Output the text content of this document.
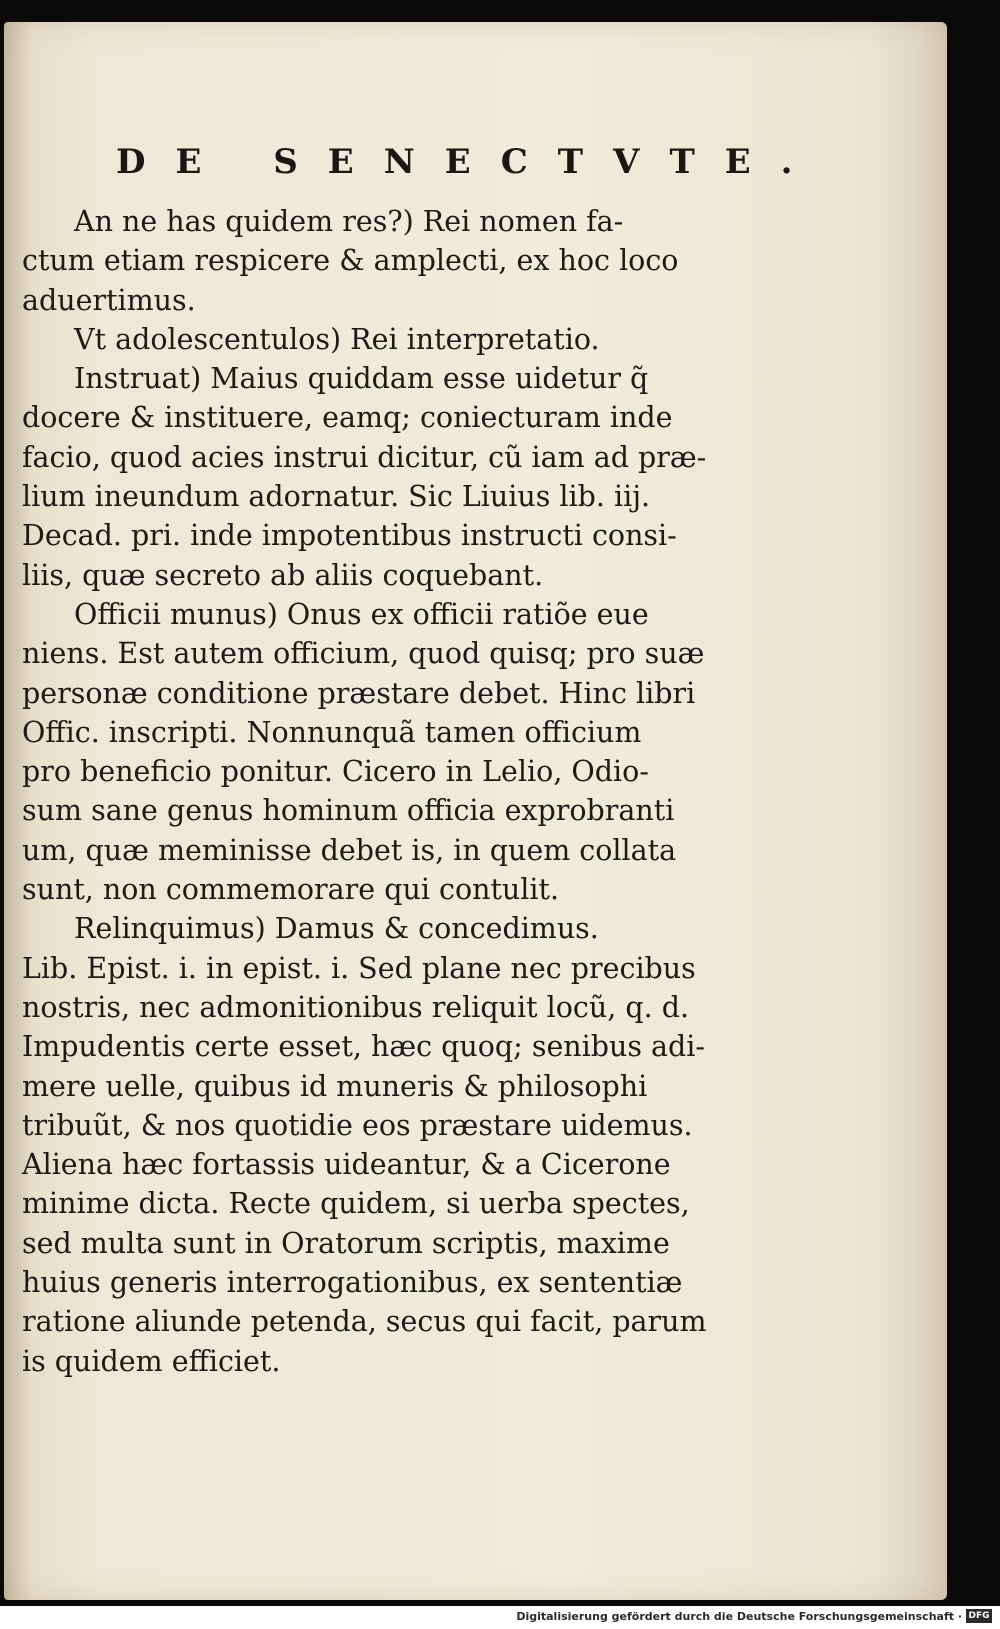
DE SENECTVTE.
An ne has quidem res?) Rei nomen fa-
ctum etiam respicere & amplecti, ex hoc loco
aduertimus.
Vt adolescentulos) Rei interpretatio.
Instruat) Maius quiddam esse uidetur q̃
docere & instituere, eamq; coniecturam inde
facio, quod acies instrui dicitur, cũ iam ad præ-
lium ineundum adornatur. Sic Liuius lib. iij.
Decad. pri. inde impotentibus instructi consi-
liis, quæ secreto ab aliis coquebant.
Officii munus) Onus ex officii ratiõe eue
niens. Est autem officium, quod quisq; pro suæ
personæ conditione præstare debet. Hinc libri
Offic. inscripti. Nonnunquã tamen officium
pro beneficio ponitur. Cicero in Lelio, Odio-
sum sane genus hominum officia exprobranti
um, quæ meminisse debet is, in quem collata
sunt, non commemorare qui contulit.
Relinquimus) Damus & concedimus.
Lib. Epist. i. in epist. i. Sed plane nec precibus
nostris, nec admonitionibus reliquit locũ, q. d.
Impudentis certe esset, hæc quoq; senibus adi-
mere uelle, quibus id muneris & philosophi
tribuũt, & nos quotidie eos præstare uidemus.
Aliena hæc fortassis uideantur, & a Cicerone
minime dicta. Recte quidem, si uerba spectes,
sed multa sunt in Oratorum scriptis, maxime
huius generis interrogationibus, ex sententiæ
ratione aliunde petenda, secus qui facit, parum
is quidem efficiet.
Digitalisierung gefördert durch die Deutsche Forschungsgemeinschaft · DFG
